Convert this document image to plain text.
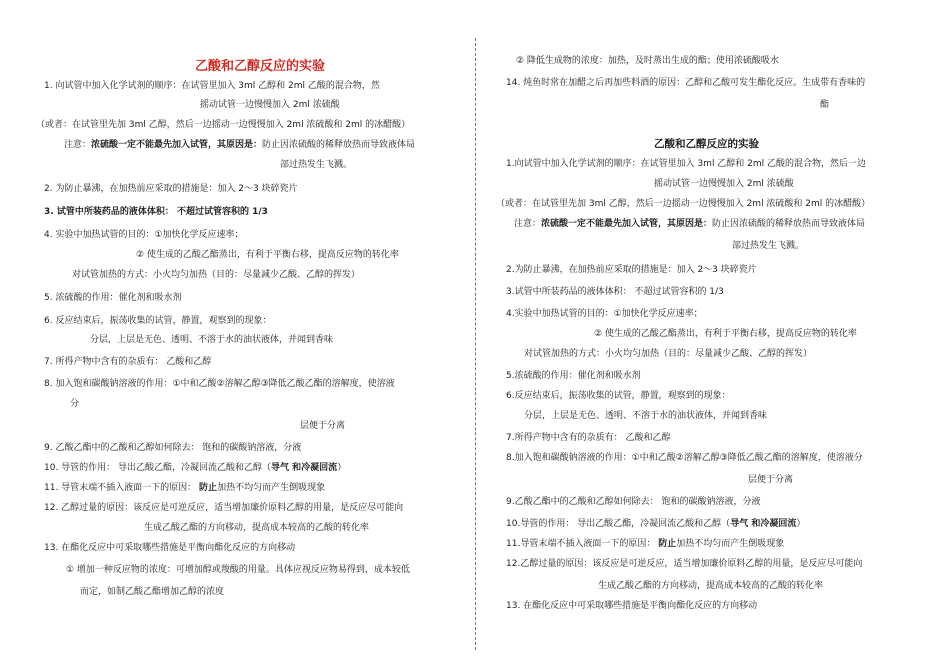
乙酸和乙醇反应的实验
1. 向试管中加入化学试剂的顺序：在试管里加入 3ml 乙醇和 2ml 乙酸的混合物，然
摇动试管一边慢慢加入 2ml 浓硫酸
（或者：在试管里先加 3ml 乙醇，然后一边摇动一边慢慢加入 2ml 浓硫酸和 2ml 的冰醋酸）
注意：浓硫酸一定不能最先加入试管，其原因是：防止因浓硫酸的稀释放热而导致液体局
部过热发生飞溅。
2. 为防止暴沸，在加热前应采取的措施是：加入 2～3 块碎瓷片
3. 试管中所装药品的液体体积： 不超过试管容积的 1/3
4. 实验中加热试管的目的：①加快化学反应速率；
② 使生成的乙酸乙酯蒸出，有利于平衡右移，提高反应物的转化率
对试管加热的方式：小火均匀加热（目的：尽量减少乙酸、乙醇的挥发）
5. 浓硫酸的作用：催化剂和吸水剂
6. 反应结束后，振荡收集的试管，静置，观察到的现象：
分层，上层是无色、透明、不溶于水的油状液体，并闻到香味
7. 所得产物中含有的杂质有： 乙酸和乙醇
8. 加入饱和碳酸钠溶液的作用：①中和乙酸②溶解乙醇③降低乙酸乙酯的溶解度，使溶液
分
层便于分离
9. 乙酸乙酯中的乙酸和乙醇如何除去： 饱和的碳酸钠溶液，分液
10. 导管的作用： 导出乙酸乙酯，冷凝回流乙酸和乙醇（导气 和冷凝回流）
11. 导管末端不插入液面一下的原因： 防止加热不均匀而产生倒吸现象
12. 乙醇过量的原因：该反应是可逆反应，适当增加廉价原料乙醇的用量，是反应尽可能向
生成乙酸乙酯的方向移动，提高成本较高的乙酸的转化率
13. 在酯化反应中可采取哪些措施是平衡向酯化反应的方向移动
① 增加一种反应物的浓度：可增加醇或羧酸的用量。具体应视反应物易得到，成本较低
而定，如制乙酸乙酯增加乙醇的浓度
② 降低生成物的浓度：加热，及时蒸出生成的酯；使用浓硫酸吸水
14. 炖鱼时常在加醋之后再加些料酒的原因：乙醇和乙酸可发生酯化反应。生成带有香味的
酯
乙酸和乙醇反应的实验
1.向试管中加入化学试剂的顺序：在试管里加入 3ml 乙醇和 2ml 乙酸的混合物，然后一边
摇动试管一边慢慢加入 2ml 浓硫酸
（或者：在试管里先加 3ml 乙醇，然后一边摇动一边慢慢加入 2ml 浓硫酸和 2ml 的冰醋酸）
注意：浓硫酸一定不能最先加入试管，其原因是：防止因浓硫酸的稀释放热而导致液体局
部过热发生飞溅。
2.为防止暴沸，在加热前应采取的措施是：加入 2～3 块碎瓷片
3.试管中所装药品的液体体积： 不超过试管容积的 1/3
4.实验中加热试管的目的：①加快化学反应速率；
② 使生成的乙酸乙酯蒸出，有利于平衡右移，提高反应物的转化率
对试管加热的方式：小火均匀加热（目的：尽量减少乙酸、乙醇的挥发）
5.浓硫酸的作用：催化剂和吸水剂
6.反应结束后，振荡收集的试管，静置，观察到的现象：
分层，上层是无色、透明、不溶于水的油状液体，并闻到香味
7.所得产物中含有的杂质有： 乙酸和乙醇
8.加入饱和碳酸钠溶液的作用：①中和乙酸②溶解乙醇③降低乙酸乙酯的溶解度，使溶液分
层便于分离
9.乙酸乙酯中的乙酸和乙醇如何除去： 饱和的碳酸钠溶液，分液
10.导管的作用： 导出乙酸乙酯，冷凝回流乙酸和乙醇（导气 和冷凝回流）
11.导管末端不插入液面一下的原因： 防止加热不均匀而产生倒吸现象
12.乙醇过量的原因：该反应是可逆反应，适当增加廉价原料乙醇的用量，是反应尽可能向
生成乙酸乙酯的方向移动，提高成本较高的乙酸的转化率
13. 在酯化反应中可采取哪些措施是平衡向酯化反应的方向移动
